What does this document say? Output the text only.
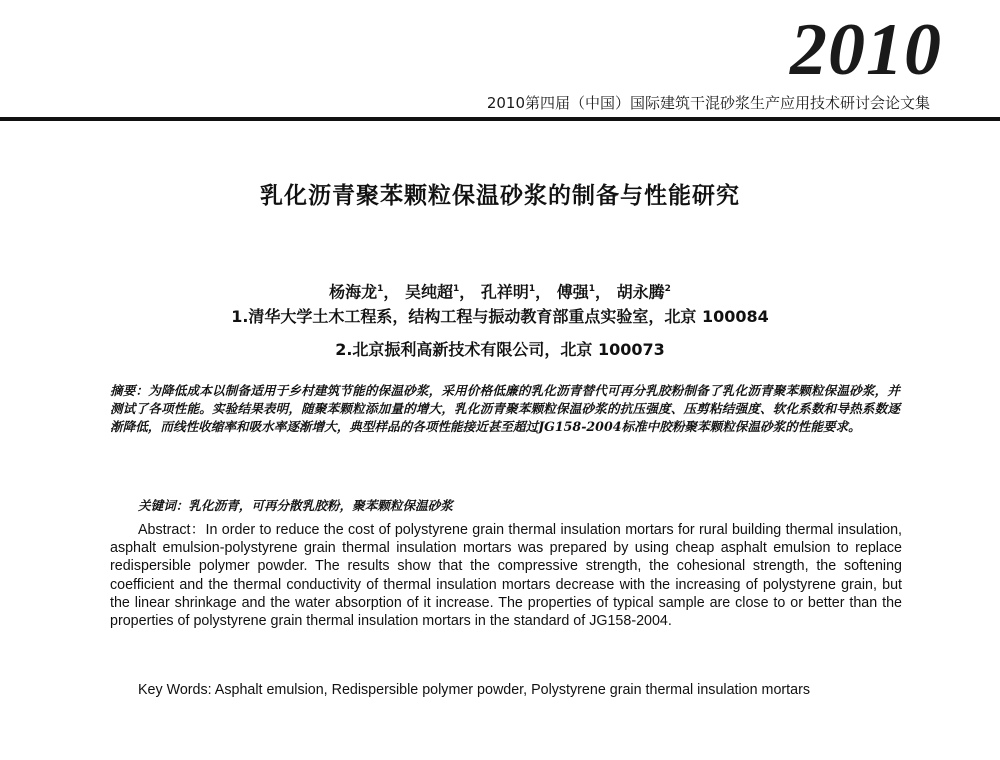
2010
2010第四届（中国）国际建筑干混砂浆生产应用技术研讨会论文集
乳化沥青聚苯颗粒保温砂浆的制备与性能研究
杨海龙$^1$， 吴纯超$^1$， 孔祥明$^1$， 傅强$^1$， 胡永腾$^2$
1.清华大学土木工程系，结构工程与振动教育部重点实验室，北京 100084
2.北京振利高新技术有限公司，北京 100073
摘要：为降低成本以制备适用于乡村建筑节能的保温砂浆，采用价格低廉的乳化沥青替代可再分乳胶粉制备了乳化沥青聚苯颗粒保温砂浆，并测试了各项性能。实验结果表明，随聚苯颗粒添加量的增大，乳化沥青聚苯颗粒保温砂浆的抗压强度、压剪粘结强度、软化系数和导热系数逐渐降低，而线性收缩率和吸水率逐渐增大，典型样品的各项性能接近甚至超过JG158-2004标准中胶粉聚苯颗粒保温砂浆的性能要求。
关键词：乳化沥青，可再分散乳胶粉，聚苯颗粒保温砂浆
Abstract：In order to reduce the cost of polystyrene grain thermal insulation mortars for rural building thermal insulation, asphalt emulsion-polystyrene grain thermal insulation mortars was prepared by using cheap asphalt emulsion to replace redispersible polymer powder. The results show that the compressive strength, the cohesional strength, the softening coefficient and the thermal conductivity of thermal insulation mortars decrease with the increasing of polystyrene grain, but the linear shrinkage and the water absorption of it increase. The properties of typical sample are close to or better than the properties of polystyrene grain thermal insulation mortars in the standard of JG158-2004.
Key Words: Asphalt emulsion, Redispersible polymer powder, Polystyrene grain thermal insulation mortars
